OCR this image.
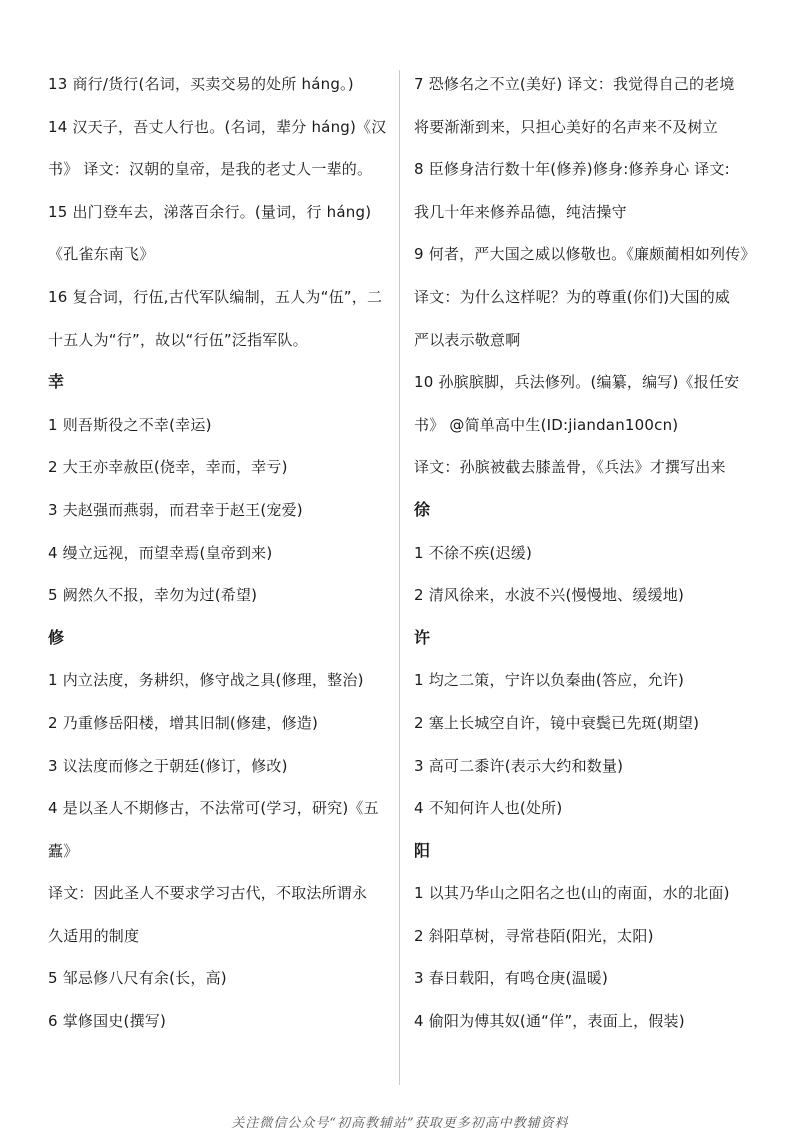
13 商行/货行(名词，买卖交易的处所 háng。)
14 汉天子，吾丈人行也。(名词，辈分 háng)《汉
书》 译文：汉朝的皇帝，是我的老丈人一辈的。
15 出门登车去，涕落百余行。(量词，行 háng)
《孔雀东南飞》
16 复合词，行伍,古代军队编制，五人为“伍”，二
十五人为“行”，故以“行伍”泛指军队。
幸
1 则吾斯役之不幸(幸运)
2 大王亦幸赦臣(侥幸，幸而，幸亏)
3 夫赵强而燕弱，而君幸于赵王(宠爱)
4 缦立远视，而望幸焉(皇帝到来)
5 阙然久不报，幸勿为过(希望)
修
1 内立法度，务耕织，修守战之具(修理，整治)
2 乃重修岳阳楼，增其旧制(修建，修造)
3 议法度而修之于朝廷(修订，修改)
4 是以圣人不期修古，不法常可(学习，研究)《五
蠹》
译文：因此圣人不要求学习古代，不取法所谓永
久适用的制度
5 邹忌修八尺有余(长，高)
6 掌修国史(撰写)
7 恐修名之不立(美好) 译文：我觉得自己的老境
将要渐渐到来，只担心美好的名声来不及树立
8 臣修身洁行数十年(修养)修身:修养身心 译文:
我几十年来修养品德，纯洁操守
9 何者，严大国之威以修敬也。《廉颇蔺相如列传》
译文：为什么这样呢？为的尊重(你们)大国的威
严以表示敬意啊
10 孙膑膑脚，兵法修列。(编纂，编写)《报任安
书》 @简单高中生(ID:jiandan100cn)
译文：孙膑被截去膝盖骨，《兵法》才撰写出来
徐
1 不徐不疾(迟缓)
2 清风徐来，水波不兴(慢慢地、缓缓地)
许
1 均之二策，宁许以负秦曲(答应，允许)
2 塞上长城空自许，镜中衰鬓已先斑(期望)
3 高可二黍许(表示大约和数量)
4 不知何许人也(处所)
阳
1 以其乃华山之阳名之也(山的南面，水的北面)
2 斜阳草树，寻常巷陌(阳光，太阳)
3 春日载阳，有鸣仓庚(温暖)
4 偷阳为傅其奴(通“佯”，表面上，假装)
关注微信公众号“初高教辅站”获取更多初高中教辅资料
